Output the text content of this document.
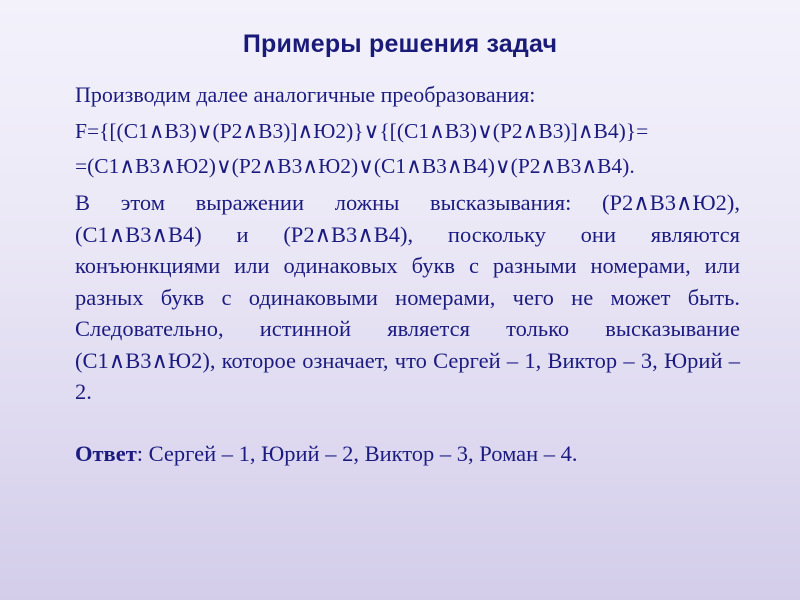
Примеры решения задач

Производим далее аналогичные преобразования:

F={[(С1∧В3)∨(Р2∧В3)]∧Ю2)}∨{[(С1∧В3)∨(Р2∧В3)]∧В4)}=
=(С1∧В3∧Ю2)∨(Р2∧В3∧Ю2)∨(С1∧В3∧В4)∨(Р2∧В3∧В4).

В этом выражении ложны высказывания: (Р2∧В3∧Ю2), (С1∧В3∧В4) и (Р2∧В3∧В4), поскольку они являются конъюнкциями или одинаковых букв с разными номерами, или разных букв с одинаковыми номерами, чего не может быть. Следовательно, истинной является только высказывание (С1∧В3∧Ю2), которое означает, что Сергей – 1, Виктор – 3, Юрий – 2.

Ответ: Сергей – 1, Юрий – 2, Виктор – 3, Роман – 4.
